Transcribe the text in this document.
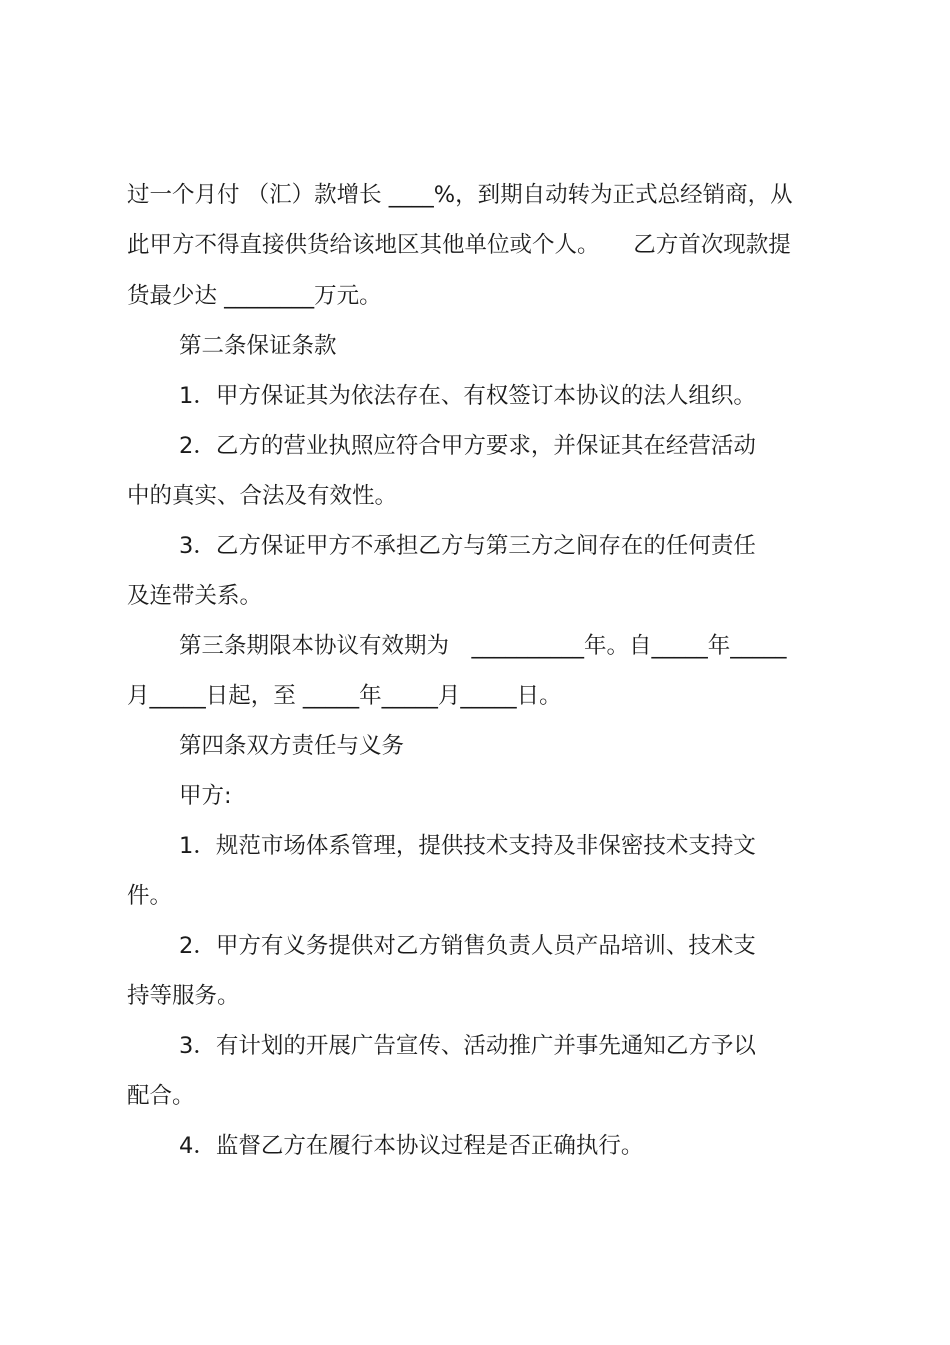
过一个月付 （汇）款增长 ____%，到期自动转为正式总经销商，从
此甲方不得直接供货给该地区其他单位或个人。　　乙方首次现款提
货最少达 ________万元。
第二条保证条款
1．甲方保证其为依法存在、有权签订本协议的法人组织。
2．乙方的营业执照应符合甲方要求，并保证其在经营活动
中的真实、合法及有效性。
3．乙方保证甲方不承担乙方与第三方之间存在的任何责任
及连带关系。
第三条期限本协议有效期为　__________年。自_____年_____
月_____日起，至 _____年_____月_____日。
第四条双方责任与义务
甲方:
1．规范市场体系管理，提供技术支持及非保密技术支持文
件。
2．甲方有义务提供对乙方销售负责人员产品培训、技术支
持等服务。
3．有计划的开展广告宣传、活动推广并事先通知乙方予以
配合。
4．监督乙方在履行本协议过程是否正确执行。
